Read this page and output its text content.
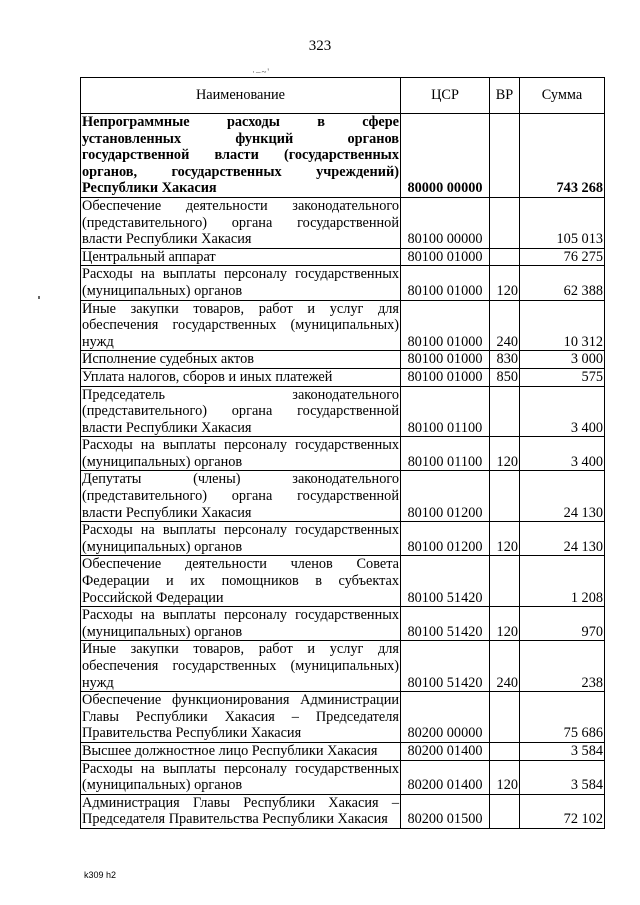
323
·–~'
Наименование	ЦСР	ВР	Сумма
Непрограммные расходы в сфере установленных функций органов государственной власти (государственных органов, государственных учреждений) Республики Хакасия	80000 00000		743 268
Обеспечение деятельности законодательного (представительного) органа государственной власти Республики Хакасия	80100 00000		105 013
Центральный аппарат	80100 01000		76 275
Расходы на выплаты персоналу государственных (муниципальных) органов	80100 01000	120	62 388
Иные закупки товаров, работ и услуг для обеспечения государственных (муниципальных) нужд	80100 01000	240	10 312
Исполнение судебных актов	80100 01000	830	3 000
Уплата налогов, сборов и иных платежей	80100 01000	850	575
Председатель законодательного (представительного) органа государственной власти Республики Хакасия	80100 01100		3 400
Расходы на выплаты персоналу государственных (муниципальных) органов	80100 01100	120	3 400
Депутаты (члены) законодательного (представительного) органа государственной власти Республики Хакасия	80100 01200		24 130
Расходы на выплаты персоналу государственных (муниципальных) органов	80100 01200	120	24 130
Обеспечение деятельности членов Совета Федерации и их помощников в субъектах Российской Федерации	80100 51420		1 208
Расходы на выплаты персоналу государственных (муниципальных) органов	80100 51420	120	970
Иные закупки товаров, работ и услуг для обеспечения государственных (муниципальных) нужд	80100 51420	240	238
Обеспечение функционирования Администрации Главы Республики Хакасия – Председателя Правительства Республики Хакасия	80200 00000		75 686
Высшее должностное лицо Республики Хакасия	80200 01400		3 584
Расходы на выплаты персоналу государственных (муниципальных) органов	80200 01400	120	3 584
Администрация Главы Республики Хакасия – Председателя Правительства Республики Хакасия	80200 01500		72 102
k309 h2
